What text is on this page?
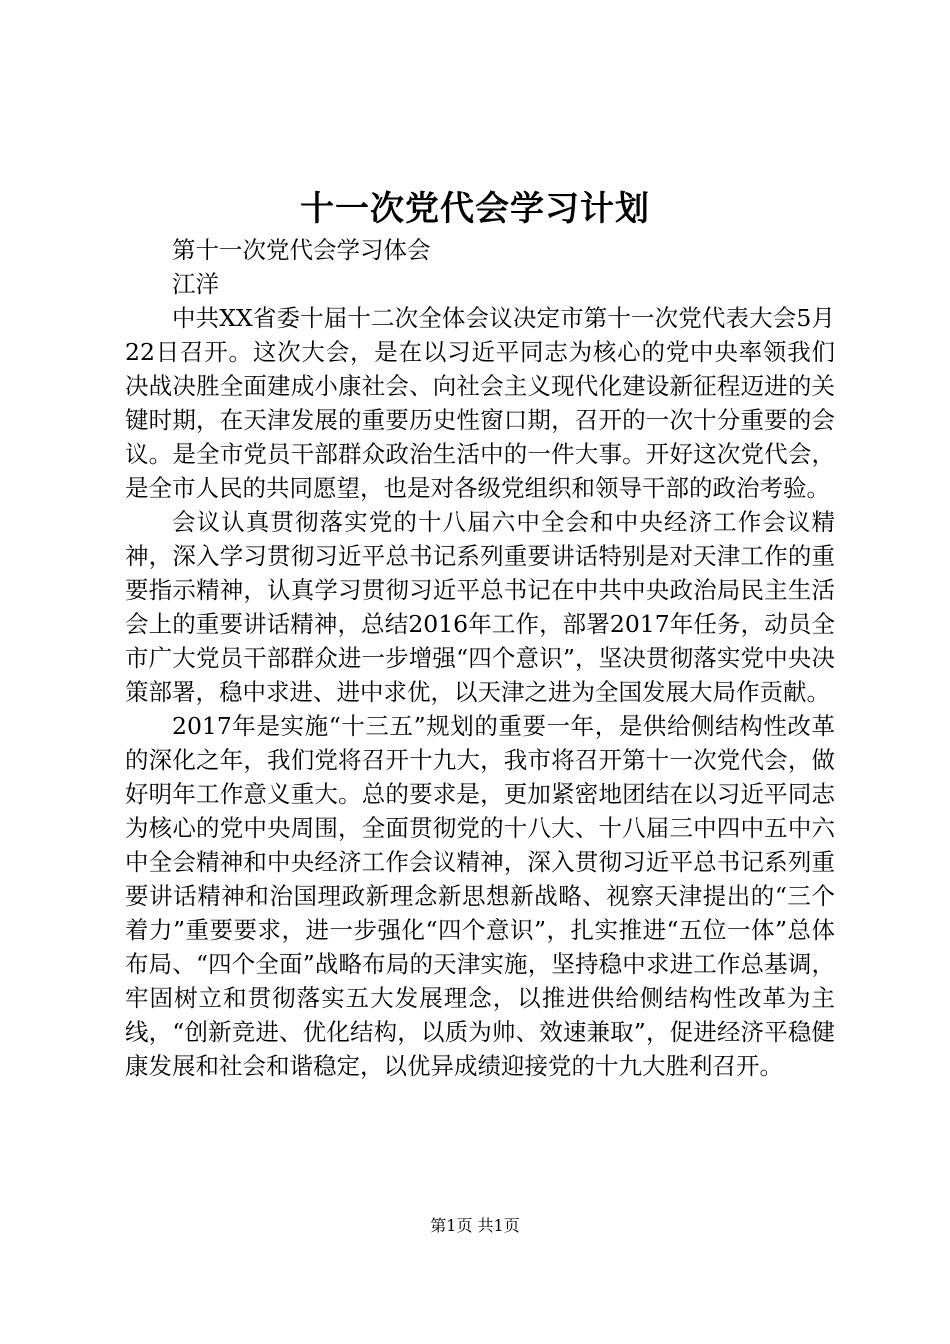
十一次党代会学习计划

第十一次党代会学习体会

江洋

中共XX省委十届十二次全体会议决定市第十一次党代表大会5月22日召开。这次大会，是在以习近平同志为核心的党中央率领我们决战决胜全面建成小康社会、向社会主义现代化建设新征程迈进的关键时期，在天津发展的重要历史性窗口期，召开的一次十分重要的会议。是全市党员干部群众政治生活中的一件大事。开好这次党代会，是全市人民的共同愿望，也是对各级党组织和领导干部的政治考验。

会议认真贯彻落实党的十八届六中全会和中央经济工作会议精神，深入学习贯彻习近平总书记系列重要讲话特别是对天津工作的重要指示精神，认真学习贯彻习近平总书记在中共中央政治局民主生活会上的重要讲话精神，总结2016年工作，部署2017年任务，动员全市广大党员干部群众进一步增强“四个意识”，坚决贯彻落实党中央决策部署，稳中求进、进中求优，以天津之进为全国发展大局作贡献。

2017年是实施“十三五”规划的重要一年，是供给侧结构性改革的深化之年，我们党将召开十九大，我市将召开第十一次党代会，做好明年工作意义重大。总的要求是，更加紧密地团结在以习近平同志为核心的党中央周围，全面贯彻党的十八大、十八届三中四中五中六中全会精神和中央经济工作会议精神，深入贯彻习近平总书记系列重要讲话精神和治国理政新理念新思想新战略、视察天津提出的“三个着力”重要要求，进一步强化“四个意识”，扎实推进“五位一体”总体布局、“四个全面”战略布局的天津实施，坚持稳中求进工作总基调，牢固树立和贯彻落实五大发展理念，以推进供给侧结构性改革为主线，“创新竞进、优化结构，以质为帅、效速兼取”，促进经济平稳健康发展和社会和谐稳定，以优异成绩迎接党的十九大胜利召开。

第1页 共1页
